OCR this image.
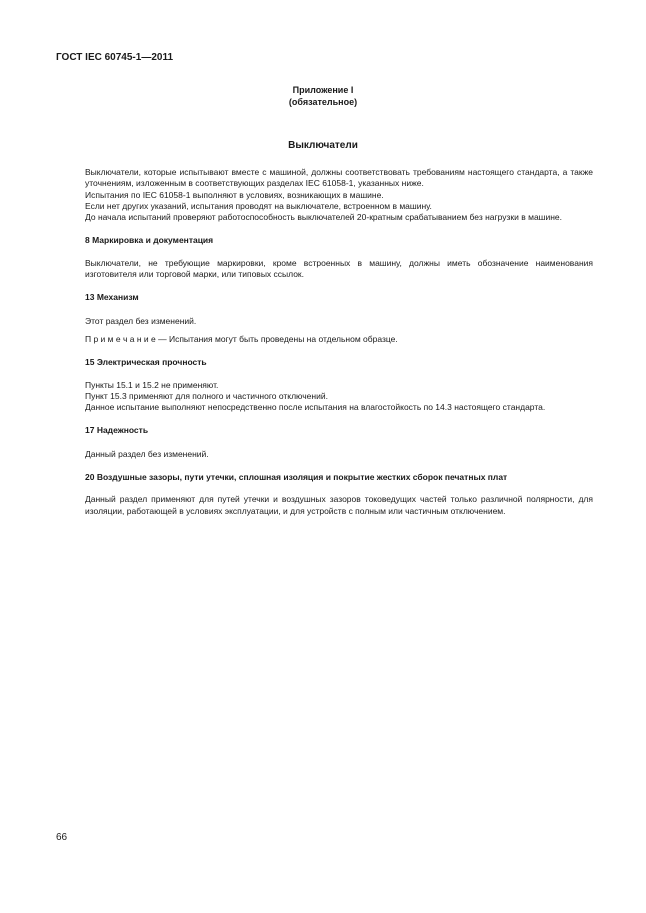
ГОСТ IEC 60745-1—2011
Приложение I
(обязательное)
Выключатели

Выключатели, которые испытывают вместе с машиной, должны соответствовать требованиям настоящего стандарта, а также уточнениям, изложенным в соответствующих разделах IEC 61058-1, указанных ниже.

Испытания по IEC 61058-1 выполняют в условиях, возникающих в машине.

Если нет других указаний, испытания проводят на выключателе, встроенном в машину.

До начала испытаний проверяют работоспособность выключателей 20-кратным срабатыванием без нагрузки в машине.

8 Маркировка и документация

Выключатели, не требующие маркировки, кроме встроенных в машину, должны иметь обозначение наименования изготовителя или торговой марки, или типовых ссылок.

13 Механизм

Этот раздел без изменений.

П р и м е ч а н и е — Испытания могут быть проведены на отдельном образце.

15 Электрическая прочность

Пункты 15.1 и 15.2 не применяют.

Пункт 15.3 применяют для полного и частичного отключений.

Данное испытание выполняют непосредственно после испытания на влагостойкость по 14.3 настоящего стандарта.

17 Надежность

Данный раздел без изменений.

20 Воздушные зазоры, пути утечки, сплошная изоляция и покрытие жестких сборок печатных плат

Данный раздел применяют для путей утечки и воздушных зазоров токоведущих частей только различной полярности, для изоляции, работающей в условиях эксплуатации, и для устройств с полным или частичным отключением.

66
